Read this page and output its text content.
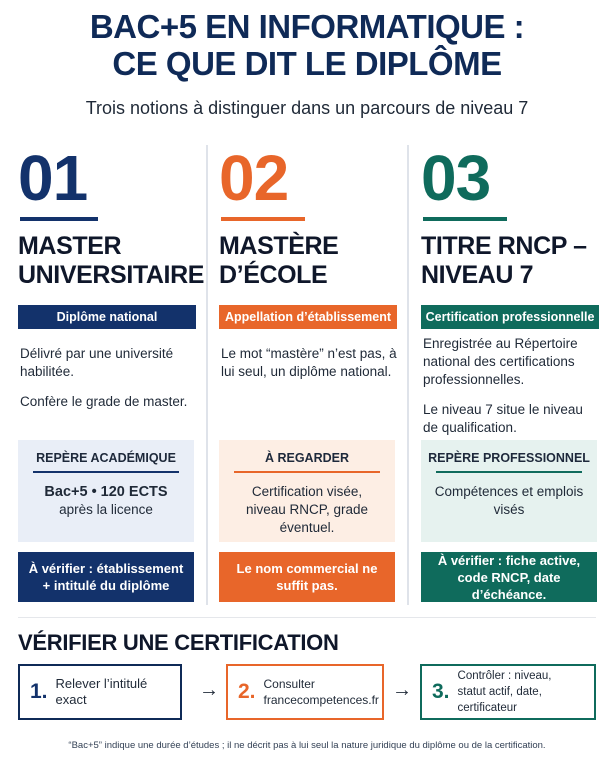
BAC+5 EN INFORMATIQUE :
CE QUE DIT LE DIPLÔME
Trois notions à distinguer dans un parcours de niveau 7
01
MASTER
UNIVERSITAIRE
Diplôme national

Délivré par une université habilitée.

Confère le grade de master.

REPÈRE ACADÉMIQUE
Bac+5 • 120 ECTS
après la licence
À vérifier : établissement + intitulé du diplôme
02
MASTÈRE
D’ÉCOLE
Appellation d’établissement

Le mot “mastère” n’est pas, à lui seul, un diplôme national.

À REGARDER
Certification visée, niveau RNCP, grade éventuel.
Le nom commercial ne suffit pas.
03
TITRE RNCP –
NIVEAU 7
Certification professionnelle

Enregistrée au Répertoire national des certifications professionnelles.

Le niveau 7 situe le niveau de qualification.

REPÈRE PROFESSIONNEL
Compétences et emplois visés
À vérifier : fiche active, code RNCP, date d’échéance.
VÉRIFIER UNE CERTIFICATION
1. Relever l’intitulé exact	→ 2. Consulter
francecompetences.fr → 3.
Contrôler : niveau,
statut actif, date, certificateur
“Bac+5” indique une durée d’études ; il ne décrit pas à lui seul la nature juridique du diplôme ou de la certification.
